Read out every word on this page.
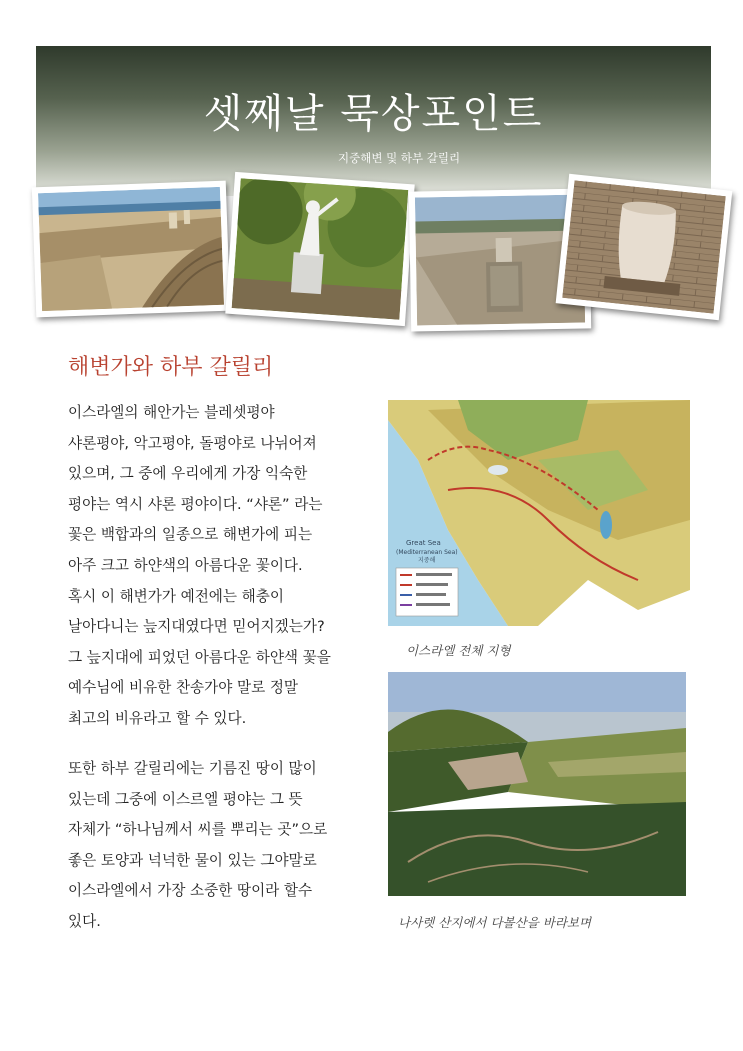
셋째날 묵상포인트
지중해변 및 하부 갈릴리
해변가와 하부 갈릴리
이스라엘의 해안가는 블레셋평야
샤론평야, 악고평야, 돌평야로 나뉘어져
있으며, 그 중에 우리에게 가장 익숙한
평야는 역시 샤론 평야이다. “샤론” 라는
꽃은 백합과의 일종으로 해변가에 피는
아주 크고 하얀색의 아름다운 꽃이다.
혹시 이 해변가가 예전에는 해충이
날아다니는 늪지대였다면 믿어지겠는가?
그 늪지대에 피었던 아름다운 하얀색 꽃을
예수님에 비유한 찬송가야 말로 정말
최고의 비유라고 할 수 있다.
또한 하부 갈릴리에는 기름진 땅이 많이
있는데 그중에 이스르엘 평야는 그 뜻
자체가 “하나님께서 씨를 뿌리는 곳”으로
좋은 토양과 넉넉한 물이 있는 그야말로
이스라엘에서 가장 소중한 땅이라 할수
있다.
Great Sea
(Mediterranean Sea)
지중해
이스라엘 전체 지형
나사렛 산지에서 다볼산을 바라보며
